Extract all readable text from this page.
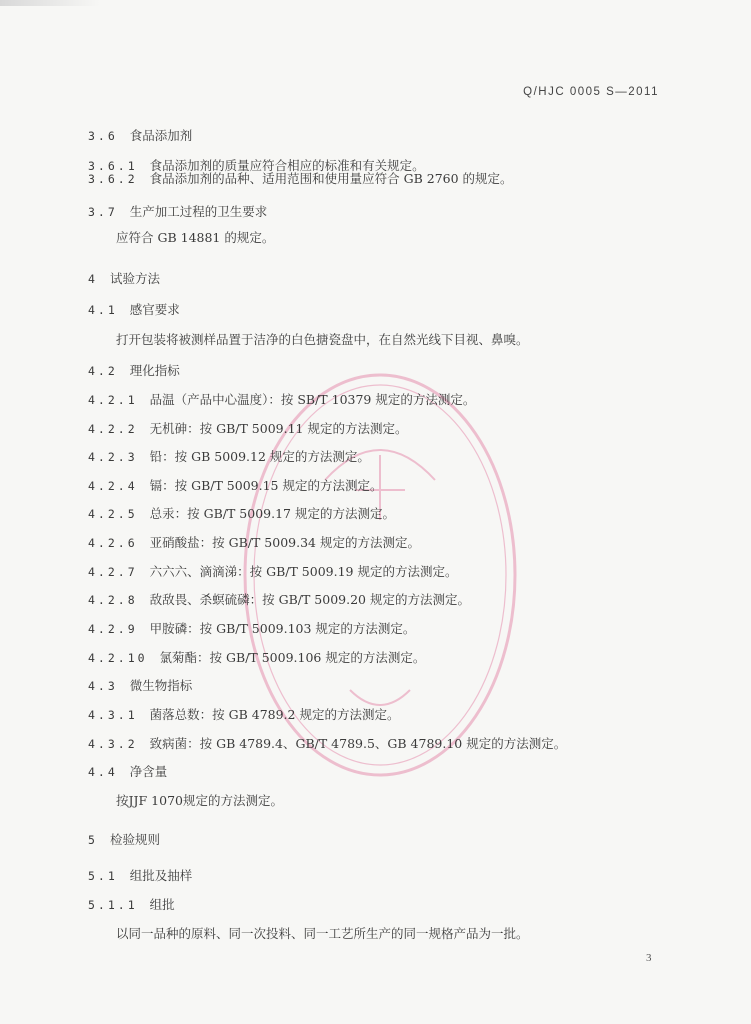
Q/HJC 0005 S—2011
3.6 食品添加剂
3.6.1 食品添加剂的质量应符合相应的标准和有关规定。
3.6.2 食品添加剂的品种、适用范围和使用量应符合 GB 2760 的规定。
3.7 生产加工过程的卫生要求
应符合 GB 14881 的规定。
4 试验方法
4.1 感官要求
打开包装将被测样品置于洁净的白色搪瓷盘中，在自然光线下目视、鼻嗅。
4.2 理化指标
4.2.1 品温（产品中心温度）：按 SB/T 10379 规定的方法测定。
4.2.2 无机砷：按 GB/T 5009.11 规定的方法测定。
4.2.3 铅：按 GB 5009.12 规定的方法测定。
4.2.4 镉：按 GB/T 5009.15 规定的方法测定。
4.2.5 总汞：按 GB/T 5009.17 规定的方法测定。
4.2.6 亚硝酸盐：按 GB/T 5009.34 规定的方法测定。
4.2.7 六六六、滴滴涕：按 GB/T 5009.19 规定的方法测定。
4.2.8 敌敌畏、杀螟硫磷：按 GB/T 5009.20 规定的方法测定。
4.2.9 甲胺磷：按 GB/T 5009.103 规定的方法测定。
4.2.10 氯菊酯：按 GB/T 5009.106 规定的方法测定。
4.3 微生物指标
4.3.1 菌落总数：按 GB 4789.2 规定的方法测定。
4.3.2 致病菌：按 GB 4789.4、GB/T 4789.5、GB 4789.10 规定的方法测定。
4.4 净含量
按JJF 1070规定的方法测定。
5 检验规则
5.1 组批及抽样
5.1.1 组批
以同一品种的原料、同一次投料、同一工艺所生产的同一规格产品为一批。
3
